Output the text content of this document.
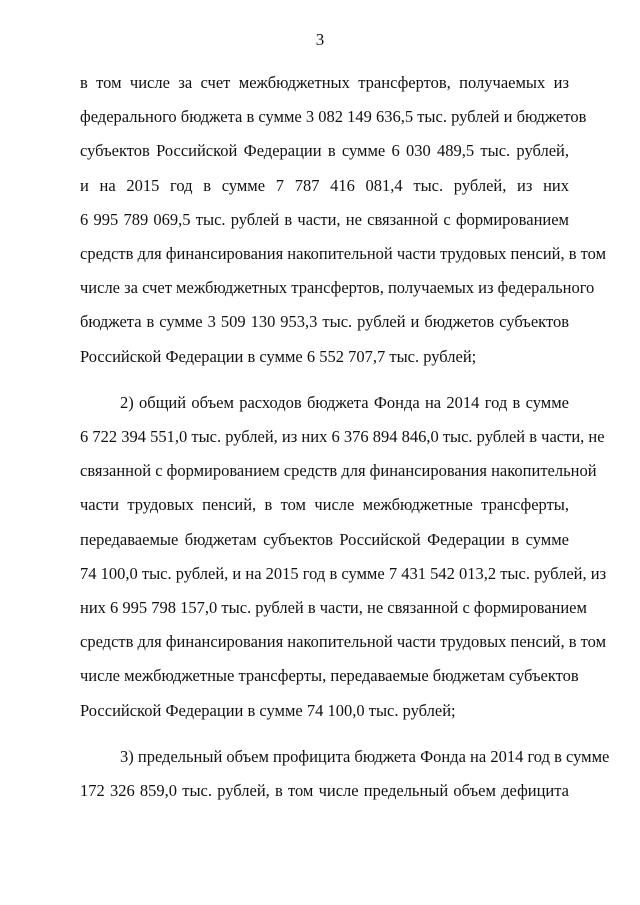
3
в том числе за счет межбюджетных трансфертов, получаемых из
федерального бюджета в сумме 3 082 149 636,5 тыс. рублей и бюджетов
субъектов Российской Федерации в сумме 6 030 489,5 тыс. рублей,
и на 2015 год в сумме 7 787 416 081,4 тыс. рублей, из них
6 995 789 069,5 тыс. рублей в части, не связанной с формированием
средств для финансирования накопительной части трудовых пенсий, в том
числе за счет межбюджетных трансфертов, получаемых из федерального
бюджета в сумме 3 509 130 953,3 тыс. рублей и бюджетов субъектов
Российской Федерации в сумме 6 552 707,7 тыс. рублей;
2) общий объем расходов бюджета Фонда на 2014 год в сумме
6 722 394 551,0 тыс. рублей, из них 6 376 894 846,0 тыс. рублей в части, не
связанной с формированием средств для финансирования накопительной
части трудовых пенсий, в том числе межбюджетные трансферты,
передаваемые бюджетам субъектов Российской Федерации в сумме
74 100,0 тыс. рублей, и на 2015 год в сумме 7 431 542 013,2 тыс. рублей, из
них 6 995 798 157,0 тыс. рублей в части, не связанной с формированием
средств для финансирования накопительной части трудовых пенсий, в том
числе межбюджетные трансферты, передаваемые бюджетам субъектов
Российской Федерации в сумме 74 100,0 тыс. рублей;
3) предельный объем профицита бюджета Фонда на 2014 год в сумме
172 326 859,0 тыс. рублей, в том числе предельный объем дефицита
